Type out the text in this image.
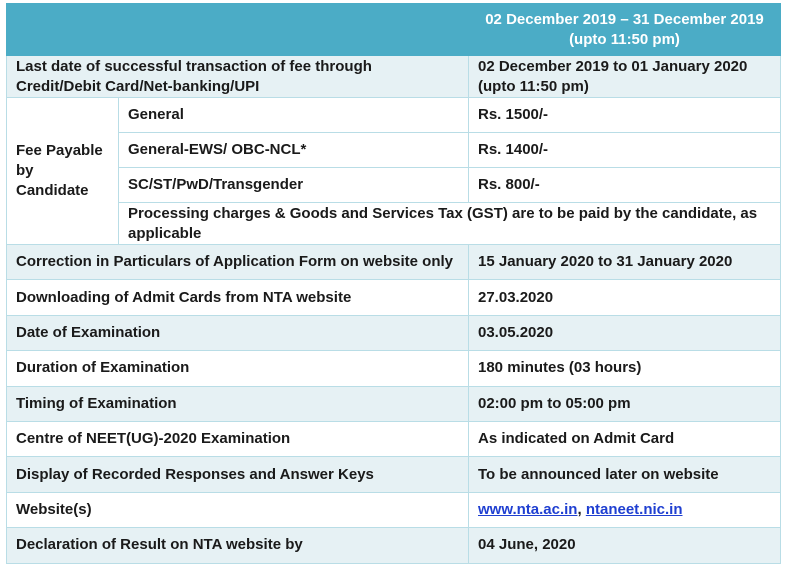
		02 December 2019 – 31 December 2019 (upto 11:50 pm)
Last date of successful transaction of fee through Credit/Debit Card/Net-banking/UPI		02 December 2019 to 01 January 2020 (upto 11:50 pm)
Fee Payable by Candidate	General	Rs. 1500/-
	General-EWS/ OBC-NCL*	Rs. 1400/-
	SC/ST/PwD/Transgender	Rs. 800/-
	Processing charges & Goods and Services Tax (GST) are to be paid by the candidate, as applicable	
Correction in Particulars of Application Form on website only		15 January 2020 to 31 January 2020
Downloading of Admit Cards from NTA website		27.03.2020
Date of Examination		03.05.2020
Duration of Examination		180 minutes (03 hours)
Timing of Examination		02:00 pm to 05:00 pm
Centre of NEET(UG)-2020 Examination		As indicated on Admit Card
Display of Recorded Responses and Answer Keys		To be announced later on website
Website(s)		www.nta.ac.in, ntaneet.nic.in
Declaration of Result on NTA website by		04 June, 2020
